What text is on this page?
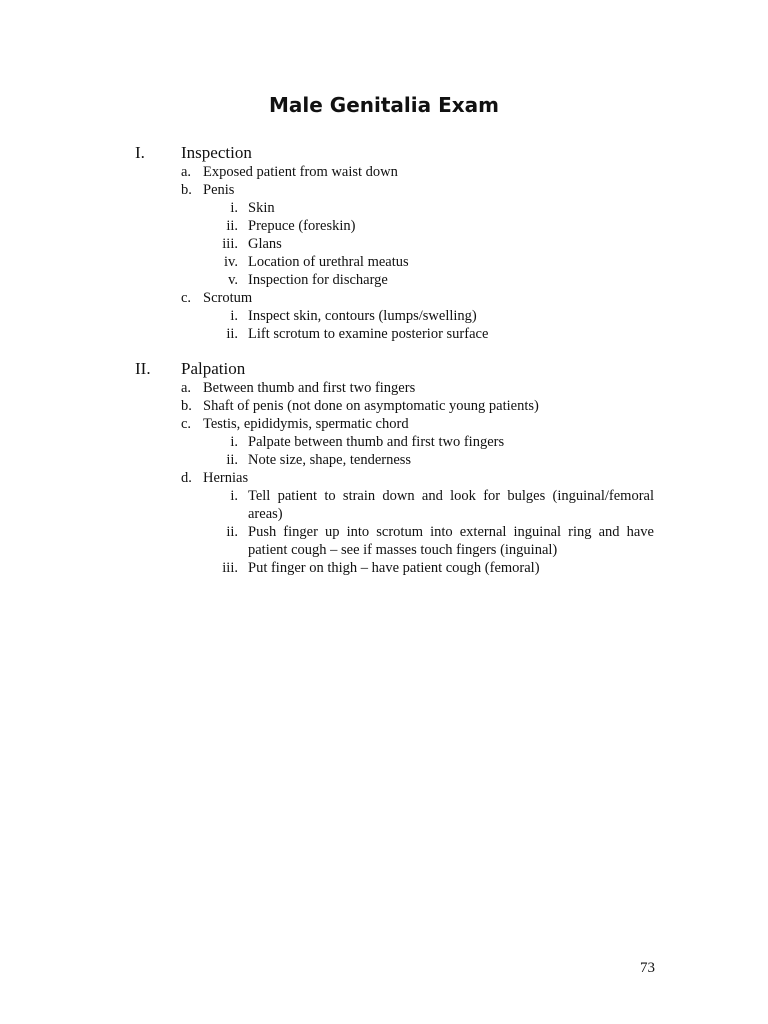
Male Genitalia Exam
I. Inspection
a. Exposed patient from waist down
b. Penis
i. Skin
ii. Prepuce (foreskin)
iii. Glans
iv. Location of urethral meatus
v. Inspection for discharge
c. Scrotum
i. Inspect skin, contours (lumps/swelling)
ii. Lift scrotum to examine posterior surface
II. Palpation
a. Between thumb and first two fingers
b. Shaft of penis (not done on asymptomatic young patients)
c. Testis, epididymis, spermatic chord
i. Palpate between thumb and first two fingers
ii. Note size, shape, tenderness
d. Hernias
i. Tell patient to strain down and look for bulges (inguinal/femoral areas)
ii. Push finger up into scrotum into external inguinal ring and have patient cough – see if masses touch fingers (inguinal)
iii. Put finger on thigh – have patient cough (femoral)
73
